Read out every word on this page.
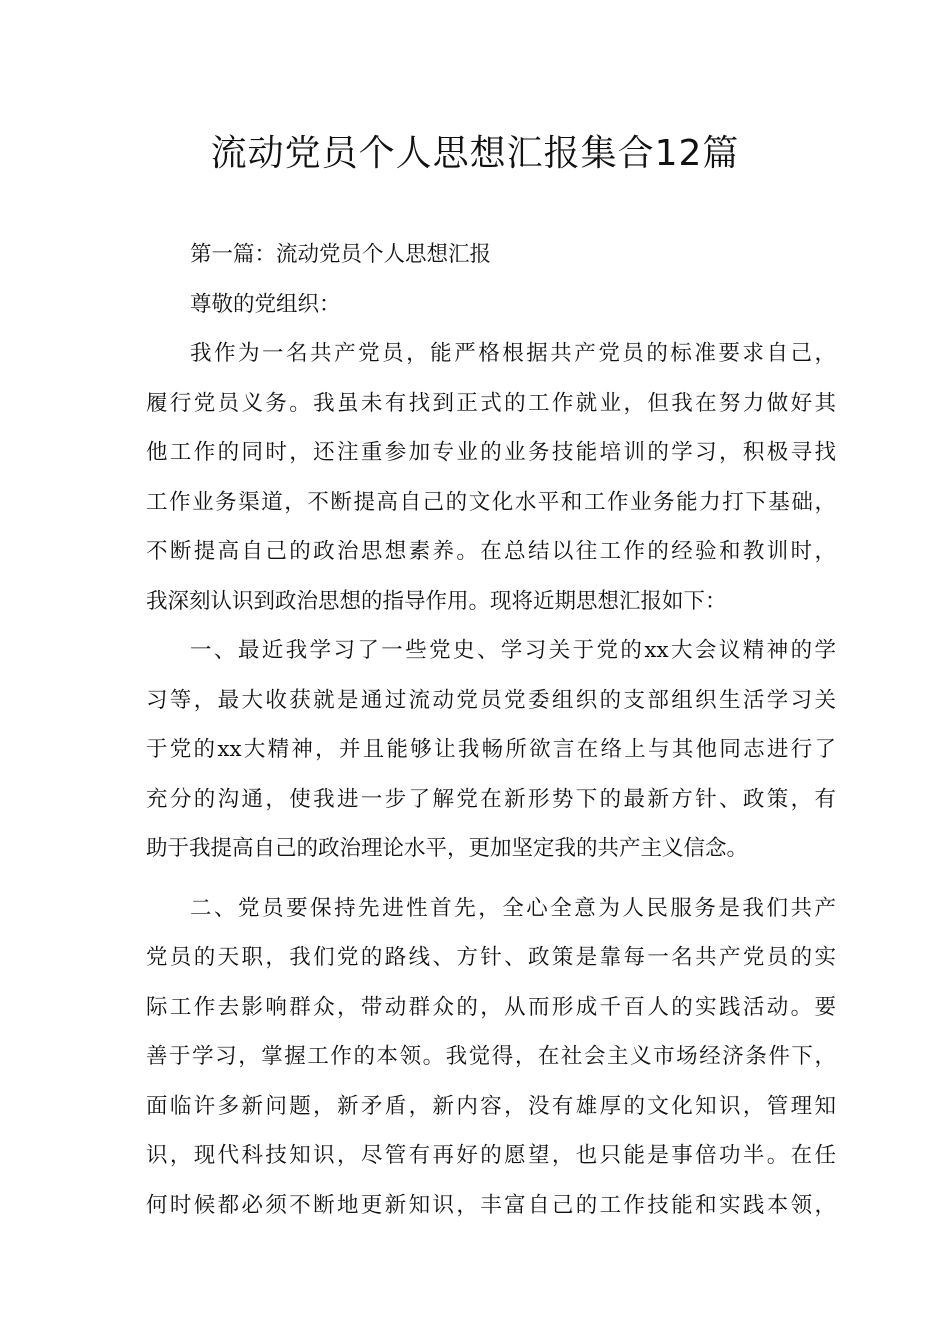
流动党员个人思想汇报集合12篇
第一篇：流动党员个人思想汇报
尊敬的党组织：
我作为一名共产党员，能严格根据共产党员的标准要求自己，
履行党员义务。我虽未有找到正式的工作就业，但我在努力做好其
他工作的同时，还注重参加专业的业务技能培训的学习，积极寻找
工作业务渠道，不断提高自己的文化水平和工作业务能力打下基础，
不断提高自己的政治思想素养。在总结以往工作的经验和教训时，
我深刻认识到政治思想的指导作用。现将近期思想汇报如下：
一、最近我学习了一些党史、学习关于党的xx大会议精神的学
习等，最大收获就是通过流动党员党委组织的支部组织生活学习关
于党的xx大精神，并且能够让我畅所欲言在络上与其他同志进行了
充分的沟通，使我进一步了解党在新形势下的最新方针、政策，有
助于我提高自己的政治理论水平，更加坚定我的共产主义信念。
二、党员要保持先进性首先，全心全意为人民服务是我们共产
党员的天职，我们党的路线、方针、政策是靠每一名共产党员的实
际工作去影响群众，带动群众的，从而形成千百人的实践活动。要
善于学习，掌握工作的本领。我觉得，在社会主义市场经济条件下，
面临许多新问题，新矛盾，新内容，没有雄厚的文化知识，管理知
识，现代科技知识，尽管有再好的愿望，也只能是事倍功半。在任
何时候都必须不断地更新知识，丰富自己的工作技能和实践本领，
